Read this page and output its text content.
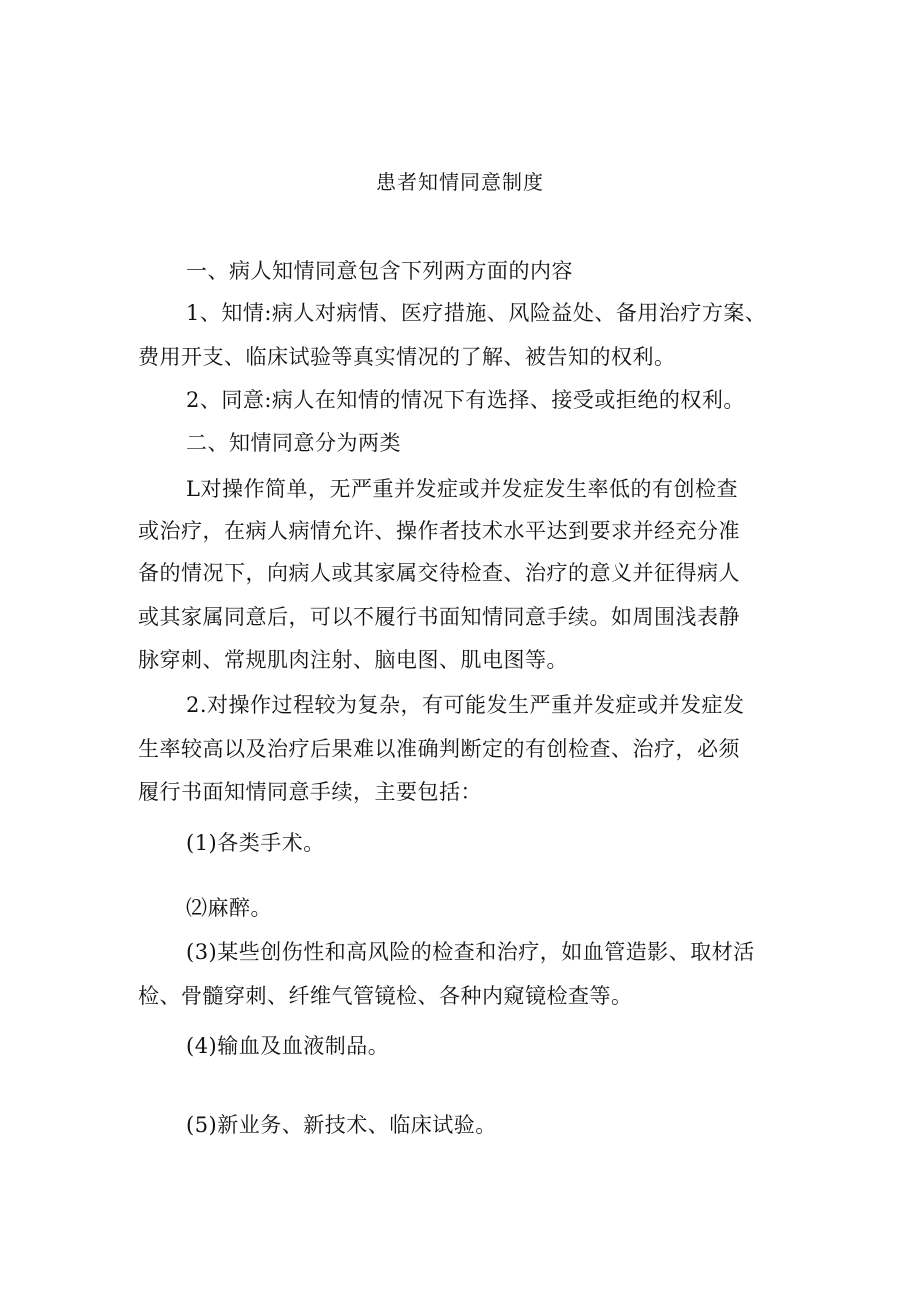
患者知情同意制度
一、病人知情同意包含下列两方面的内容
1、知情:病人对病情、医疗措施、风险益处、备用治疗方案、
费用开支、临床试验等真实情况的了解、被告知的权利。
2、同意:病人在知情的情况下有选择、接受或拒绝的权利。
二、知情同意分为两类
L对操作简单，无严重并发症或并发症发生率低的有创检查
或治疗，在病人病情允许、操作者技术水平达到要求并经充分准
备的情况下，向病人或其家属交待检查、治疗的意义并征得病人
或其家属同意后，可以不履行书面知情同意手续。如周围浅表静
脉穿刺、常规肌肉注射、脑电图、肌电图等。
2.对操作过程较为复杂，有可能发生严重并发症或并发症发
生率较高以及治疗后果难以准确判断定的有创检查、治疗，必须
履行书面知情同意手续，主要包括：
(1)各类手术。
⑵麻醉。
(3)某些创伤性和高风险的检查和治疗，如血管造影、取材活
检、骨髓穿刺、纤维气管镜检、各种内窥镜检查等。
(4)输血及血液制品。
(5)新业务、新技术、临床试验。
